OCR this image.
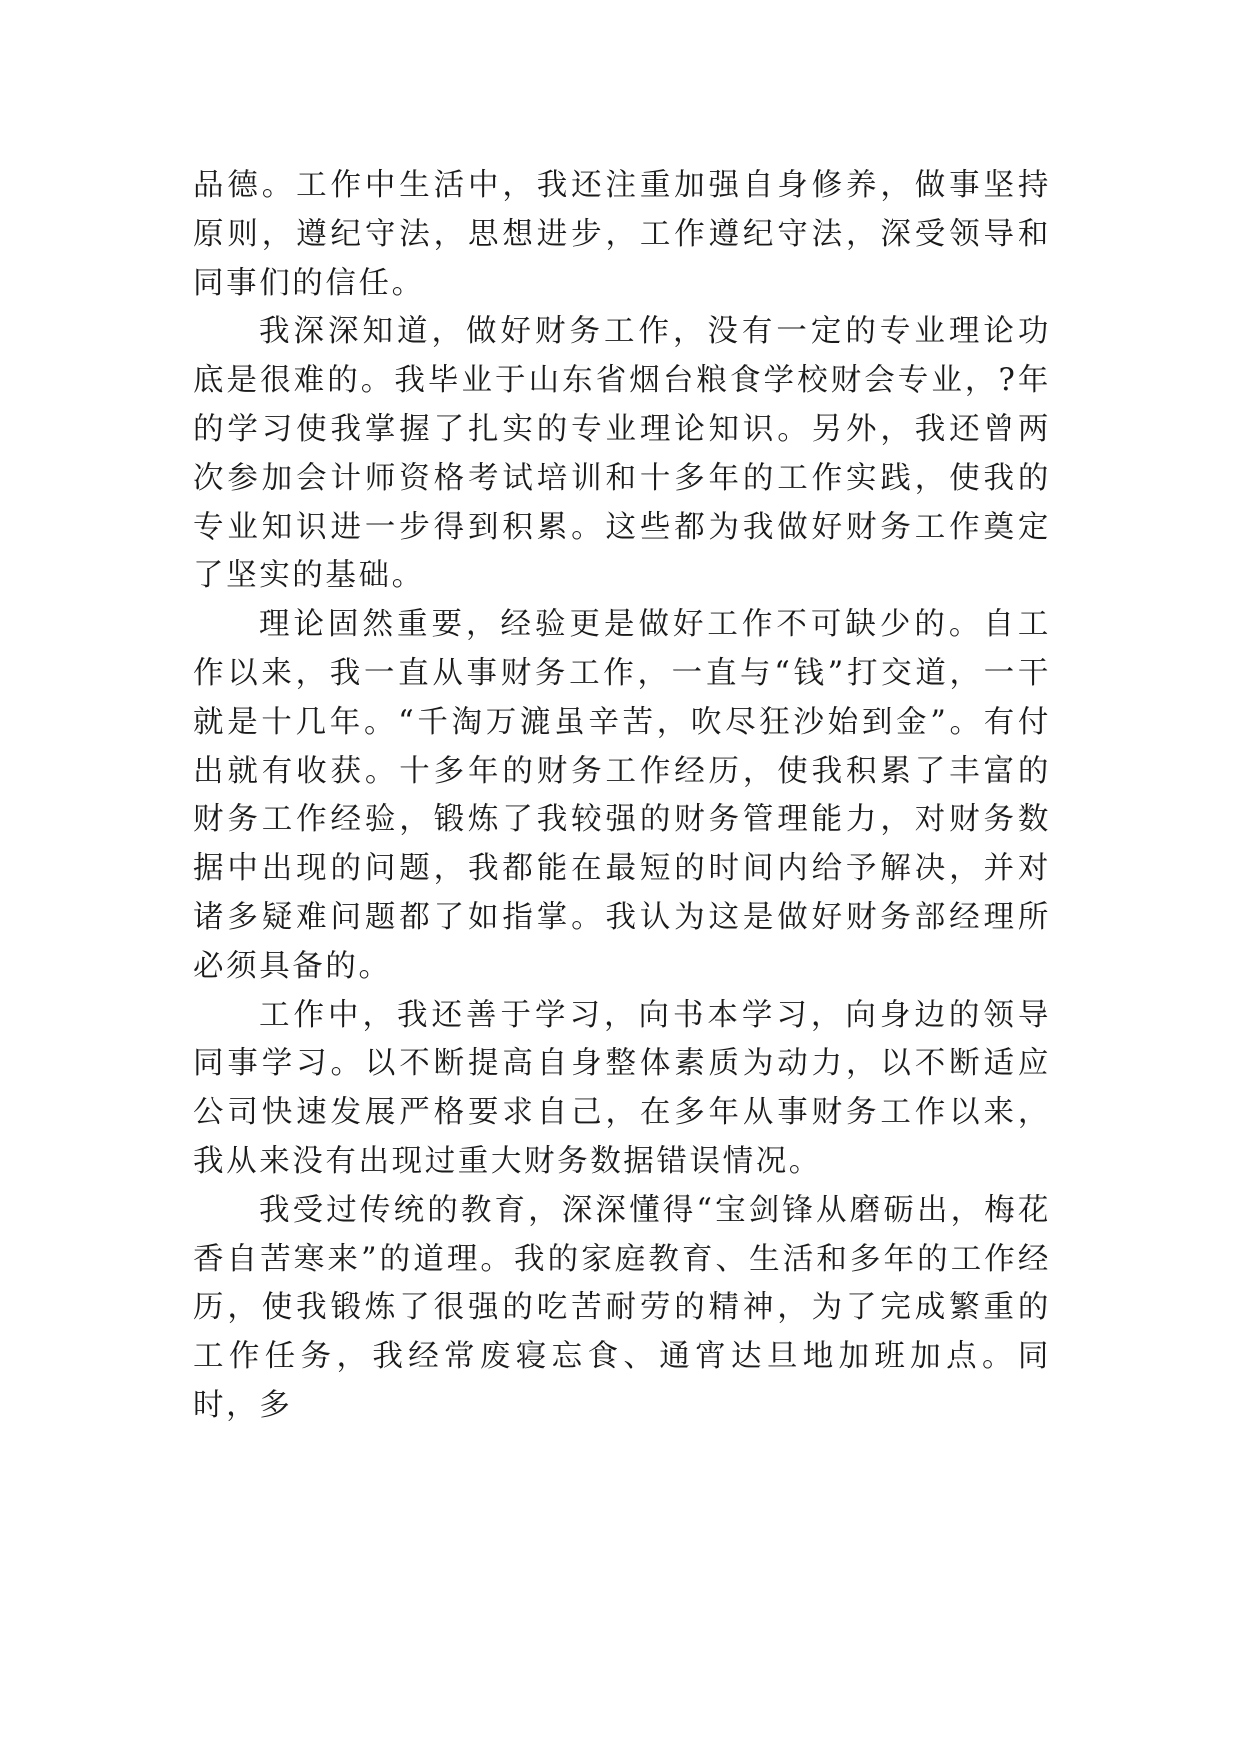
品德。工作中生活中，我还注重加强自身修养，做事坚持原则，遵纪守法，思想进步，工作遵纪守法，深受领导和同事们的信任。

我深深知道，做好财务工作，没有一定的专业理论功底是很难的。我毕业于山东省烟台粮食学校财会专业，?年的学习使我掌握了扎实的专业理论知识。另外，我还曾两次参加会计师资格考试培训和十多年的工作实践，使我的专业知识进一步得到积累。这些都为我做好财务工作奠定了坚实的基础。

理论固然重要，经验更是做好工作不可缺少的。自工作以来，我一直从事财务工作，一直与“钱”打交道，一干就是十几年。“千淘万漉虽辛苦，吹尽狂沙始到金”。有付出就有收获。十多年的财务工作经历，使我积累了丰富的财务工作经验，锻炼了我较强的财务管理能力，对财务数据中出现的问题，我都能在最短的时间内给予解决，并对诸多疑难问题都了如指掌。我认为这是做好财务部经理所必须具备的。

工作中，我还善于学习，向书本学习，向身边的领导同事学习。以不断提高自身整体素质为动力，以不断适应公司快速发展严格要求自己，在多年从事财务工作以来，我从来没有出现过重大财务数据错误情况。

我受过传统的教育，深深懂得“宝剑锋从磨砺出，梅花香自苦寒来”的道理。我的家庭教育、生活和多年的工作经历，使我锻炼了很强的吃苦耐劳的精神，为了完成繁重的工作任务，我经常废寝忘食、通宵达旦地加班加点。同时，多
